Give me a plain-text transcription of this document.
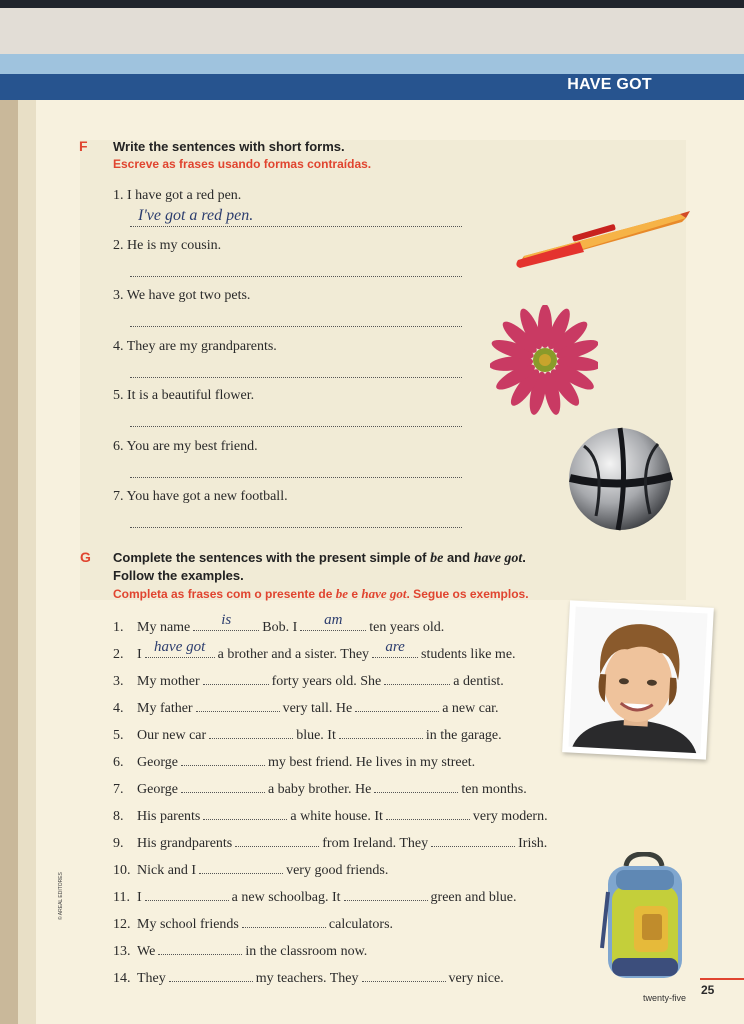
HAVE GOT
F Write the sentences with short forms.
Escreve as frases usando formas contraídas.
1. I have got a red pen.
I've got a red pen.
2. He is my cousin.
3. We have got two pets.
4. They are my grandparents.
5. It is a beautiful flower.
6. You are my best friend.
7. You have got a new football.
G Complete the sentences with the present simple of be and have got.
Follow the examples.
Completa as frases com o presente de be e have got. Segue os exemplos.
1. My name	is	Bob. I	am	ten years old.
2. I have got a brother and a sister. They	are	students like me.
3. My mother	forty years old. She	a dentist.
4. My father	very tall. He	a new car.
5. Our new car	blue. It	in the garage.
6. George	my best friend. He lives in my street.
7. George	a baby brother. He	ten months.
8. His parents	a white house. It	very modern.
9. His grandparents	from Ireland. They	Irish.
10. Nick and I	very good friends.
11. I	a new schoolbag. It	green and blue.
12. My school friends	calculators.
13. We	in the classroom now.
14. They	my teachers. They	very nice.
© AREAL EDITORES
25
twenty-five
